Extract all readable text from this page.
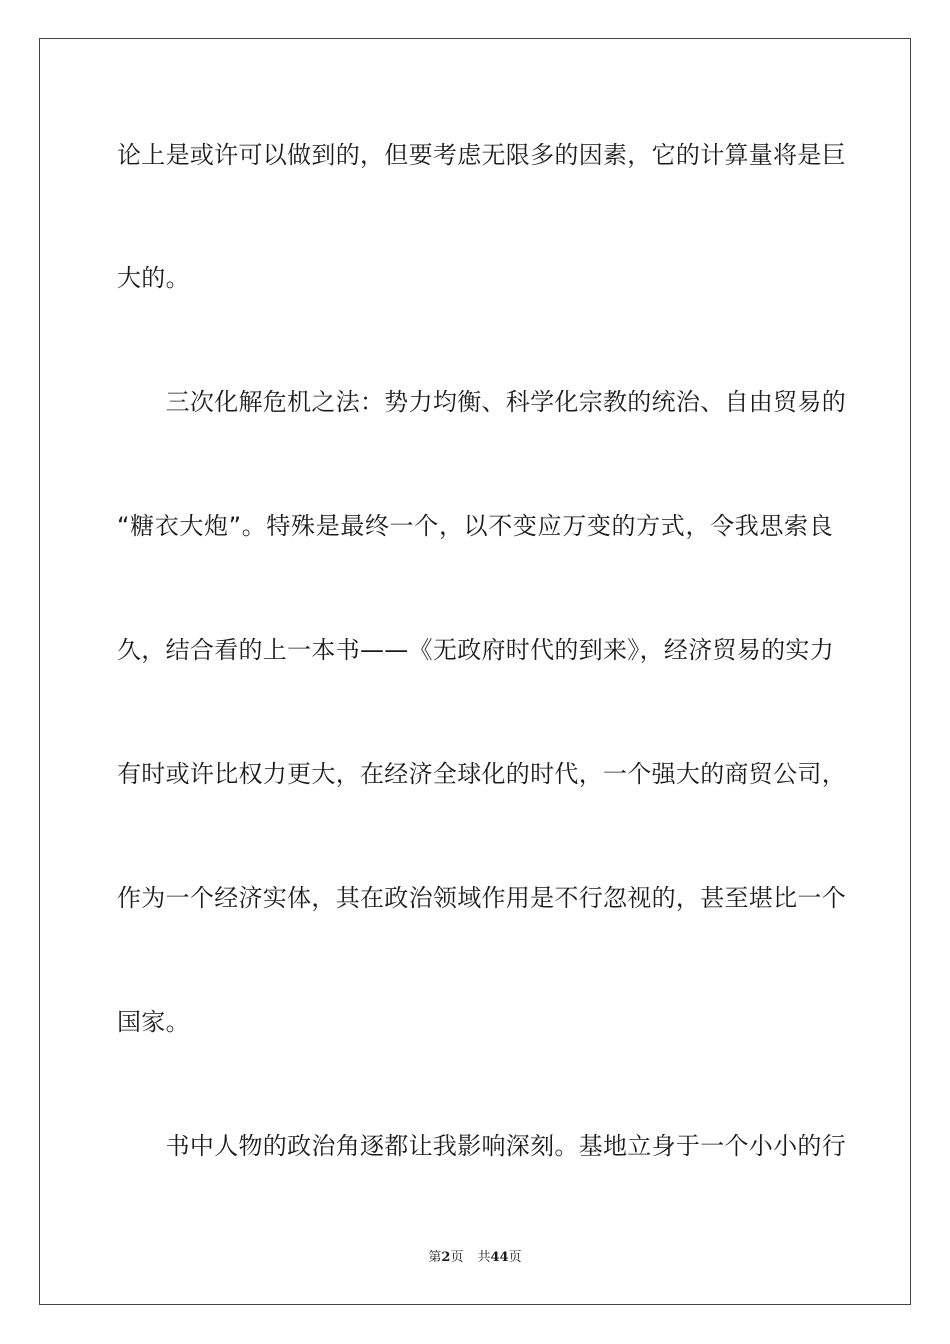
论上是或许可以做到的，但要考虑无限多的因素，它的计算量将是巨
大的。
　　三次化解危机之法：势力均衡、科学化宗教的统治、自由贸易的
“糖衣大炮”。特殊是最终一个，以不变应万变的方式，令我思索良
久，结合看的上一本书——《无政府时代的到来》，经济贸易的实力
有时或许比权力更大，在经济全球化的时代，一个强大的商贸公司，
作为一个经济实体，其在政治领域作用是不行忽视的，甚至堪比一个
国家。
　　书中人物的政治角逐都让我影响深刻。基地立身于一个小小的行
第2页 共44页
